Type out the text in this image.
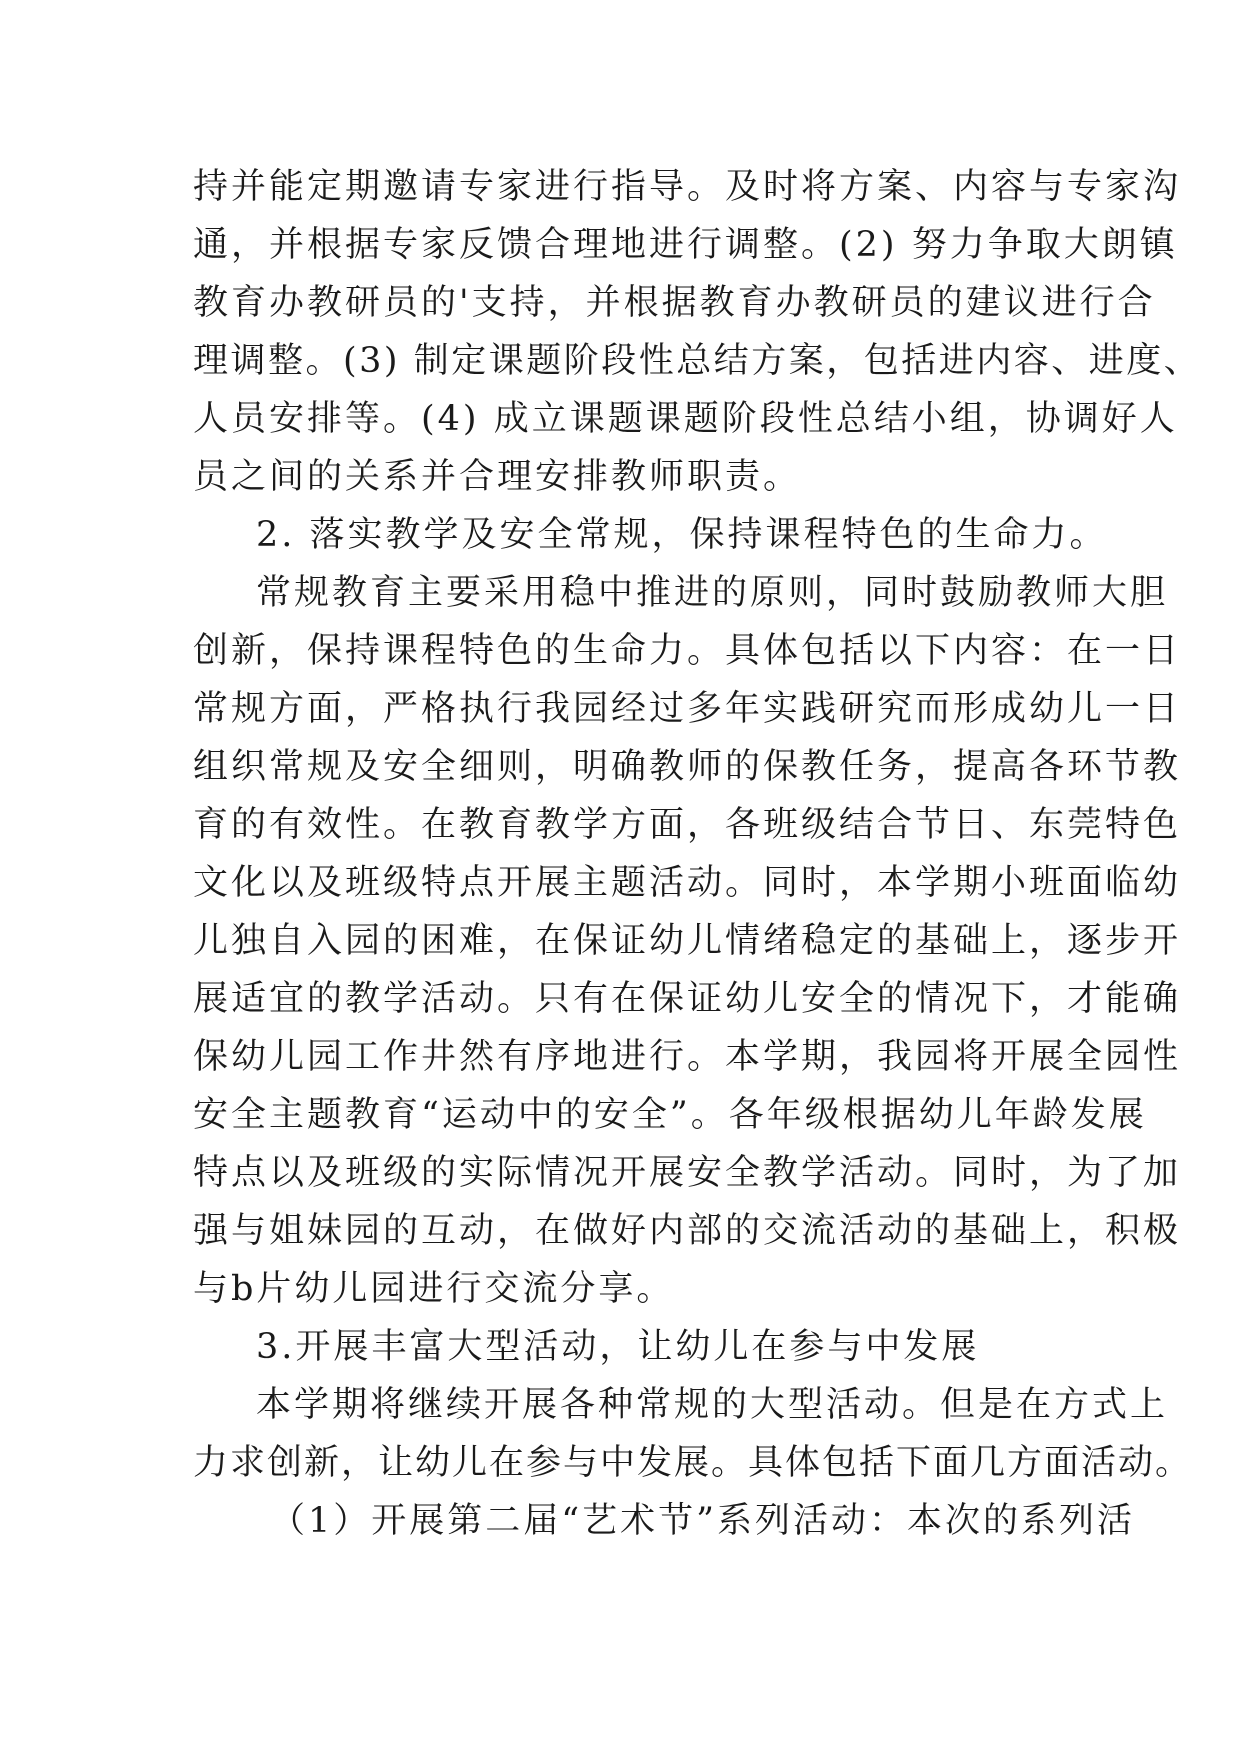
持并能定期邀请专家进行指导。及时将方案、内容与专家沟
通，并根据专家反馈合理地进行调整。(2) 努力争取大朗镇
教育办教研员的'支持，并根据教育办教研员的建议进行合
理调整。(3) 制定课题阶段性总结方案，包括进内容、进度、
人员安排等。(4) 成立课题课题阶段性总结小组，协调好人
员之间的关系并合理安排教师职责。
2. 落实教学及安全常规，保持课程特色的生命力。
常规教育主要采用稳中推进的原则，同时鼓励教师大胆
创新，保持课程特色的生命力。具体包括以下内容：在一日
常规方面，严格执行我园经过多年实践研究而形成幼儿一日
组织常规及安全细则，明确教师的保教任务，提高各环节教
育的有效性。在教育教学方面，各班级结合节日、东莞特色
文化以及班级特点开展主题活动。同时，本学期小班面临幼
儿独自入园的困难，在保证幼儿情绪稳定的基础上，逐步开
展适宜的教学活动。只有在保证幼儿安全的情况下，才能确
保幼儿园工作井然有序地进行。本学期，我园将开展全园性
安全主题教育“运动中的安全”。各年级根据幼儿年龄发展
特点以及班级的实际情况开展安全教学活动。同时，为了加
强与姐妹园的互动，在做好内部的交流活动的基础上，积极
与b片幼儿园进行交流分享。
3.开展丰富大型活动，让幼儿在参与中发展
本学期将继续开展各种常规的大型活动。但是在方式上
力求创新，让幼儿在参与中发展。具体包括下面几方面活动。
（1）开展第二届“艺术节”系列活动：本次的系列活
